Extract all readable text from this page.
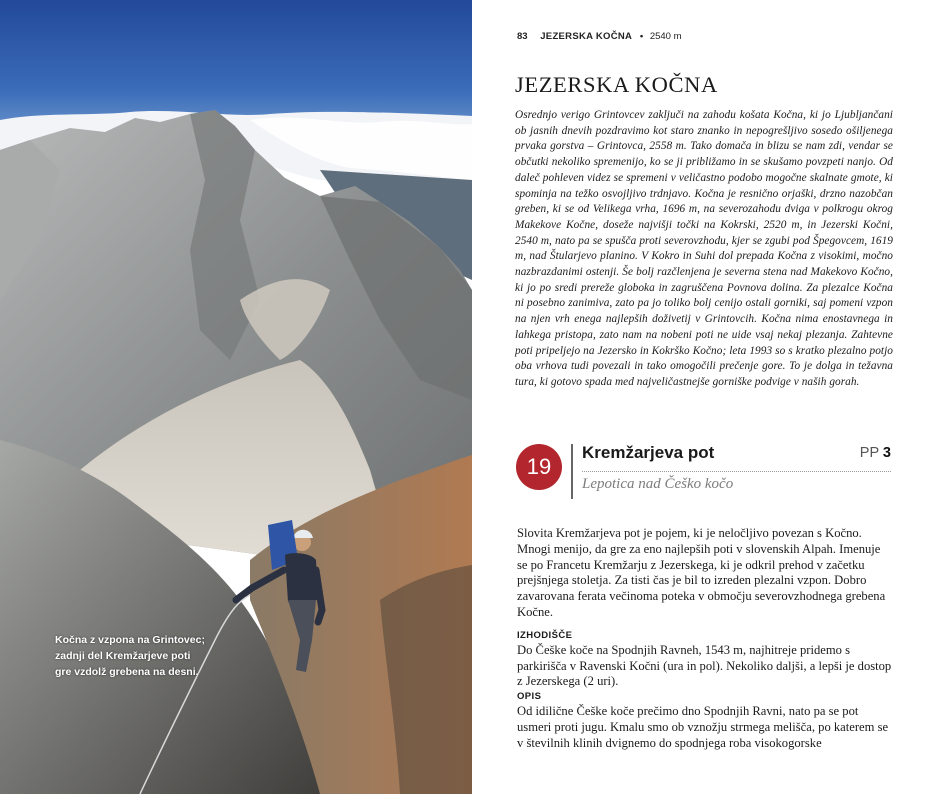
Kočna z vzpona na Grintovec; zadnji del Kremžarjeve poti gre vzdolž grebena na desni.

83 JEZERSKA KOČNA • 2540 m
JEZERSKA KOČNA

Osrednjo verigo Grintovcev zaključi na zahodu košata Kočna, ki jo Ljubljančani ob jasnih dnevih pozdravimo kot staro znanko in nepogrešljivo sosedo ošiljenega prvaka gorstva – Grintovca, 2558 m. Tako domača in blizu se nam zdi, vendar se občutki nekoliko spremenijo, ko se ji približamo in se skušamo povzpeti nanjo. Od daleč pohleven videz se spremeni v veličastno podobo mogočne skalnate gmote, ki spominja na težko osvojljivo trdnjavo. Kočna je resnično orjaški, drzno nazobčan greben, ki se od Velikega vrha, 1696 m, na severozahodu dviga v polkrogu okrog Makekove Kočne, doseže najvišji točki na Kokrski, 2520 m, in Jezerski Kočni, 2540 m, nato pa se spušča proti severovzhodu, kjer se zgubi pod Špegovcem, 1619 m, nad Štularjevo planino. V Kokro in Suhi dol prepada Kočna z visokimi, močno nazbrazdanimi ostenji. Še bolj razčlenjena je severna stena nad Makekovo Kočno, ki jo po sredi prereže globoka in zagruščena Povnova dolina. Za plezalce Kočna ni posebno zanimiva, zato pa jo toliko bolj cenijo ostali gorniki, saj pomeni vzpon na njen vrh enega najlepših doživetij v Grintovcih. Kočna nima enostavnega in lahkega pristopa, zato nam na nobeni poti ne uide vsaj nekaj plezanja. Zahtevne poti pripeljejo na Jezersko in Kokrško Kočno; leta 1993 so s kratko plezalno potjo oba vrhova tudi povezali in tako omogočili prečenje gore. To je dolga in težavna tura, ki gotovo spada med najveličastnejše gorniške podvige v naših gorah.

19
Kremžarjeva pot	PP 3

Lepotica nad Češko kočo

Slovita Kremžarjeva pot je pojem, ki je neločljivo povezan s Kočno. Mnogi menijo, da gre za eno najlepših poti v slovenskih Alpah. Imenuje se po Francetu Kremžarju z Jezerskega, ki je odkril prehod v začetku prejšnjega stoletja. Za tisti čas je bil to izreden plezalni vzpon. Dobro zavarovana ferata večinoma poteka v območju severovzhodnega grebena Kočne.

IZHODIŠČE

Do Češke koče na Spodnjih Ravneh, 1543 m, najhitreje pridemo s parkirišča v Ravenski Kočni (ura in pol). Nekoliko daljši, a lepši je dostop z Jezerskega (2 uri).

OPIS

Od idilične Češke koče prečimo dno Spodnjih Ravni, nato pa se pot usmeri proti jugu. Kmalu smo ob vznožju strmega melišča, po katerem se v številnih klinih dvignemo do spodnjega roba visokogorske
